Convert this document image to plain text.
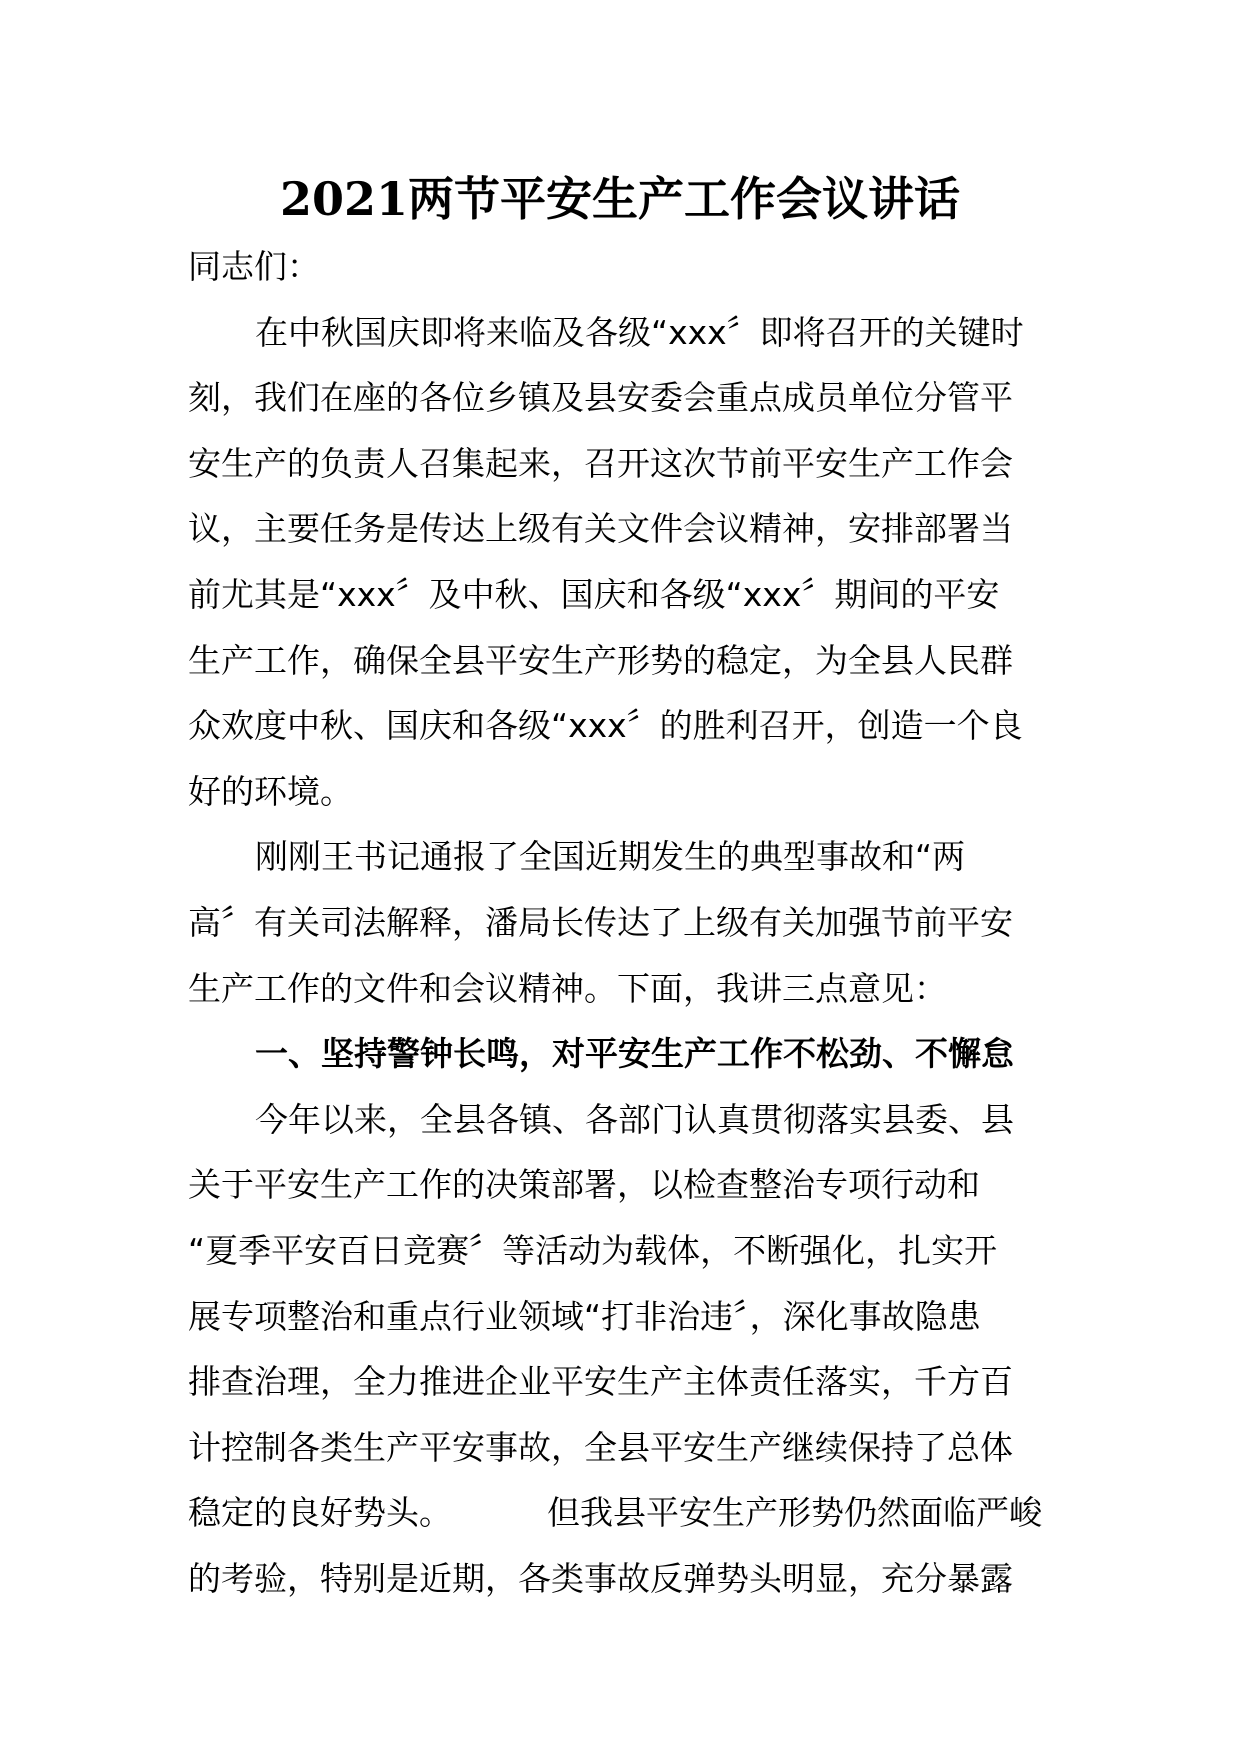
2021两节平安生产工作会议讲话
同志们：
在中秋国庆即将来临及各级“xxx〞即将召开的关键时
刻，我们在座的各位乡镇及县安委会重点成员单位分管平
安生产的负责人召集起来，召开这次节前平安生产工作会
议，主要任务是传达上级有关文件会议精神，安排部署当
前尤其是“xxx〞及中秋、国庆和各级“xxx〞期间的平安
生产工作，确保全县平安生产形势的稳定，为全县人民群
众欢度中秋、国庆和各级“xxx〞的胜利召开，创造一个良
好的环境。
刚刚王书记通报了全国近期发生的典型事故和“两
高〞有关司法解释，潘局长传达了上级有关加强节前平安
生产工作的文件和会议精神。下面，我讲三点意见：
一、坚持警钟长鸣，对平安生产工作不松劲、不懈怠
今年以来，全县各镇、各部门认真贯彻落实县委、县
关于平安生产工作的决策部署，以检查整治专项行动和
“夏季平安百日竞赛〞等活动为载体，不断强化，扎实开
展专项整治和重点行业领域“打非治违〞，深化事故隐患
排查治理，全力推进企业平安生产主体责任落实，千方百
计控制各类生产平安事故，全县平安生产继续保持了总体
稳定的良好势头。	但我县平安生产形势仍然面临严峻
的考验，特别是近期，各类事故反弹势头明显，充分暴露
